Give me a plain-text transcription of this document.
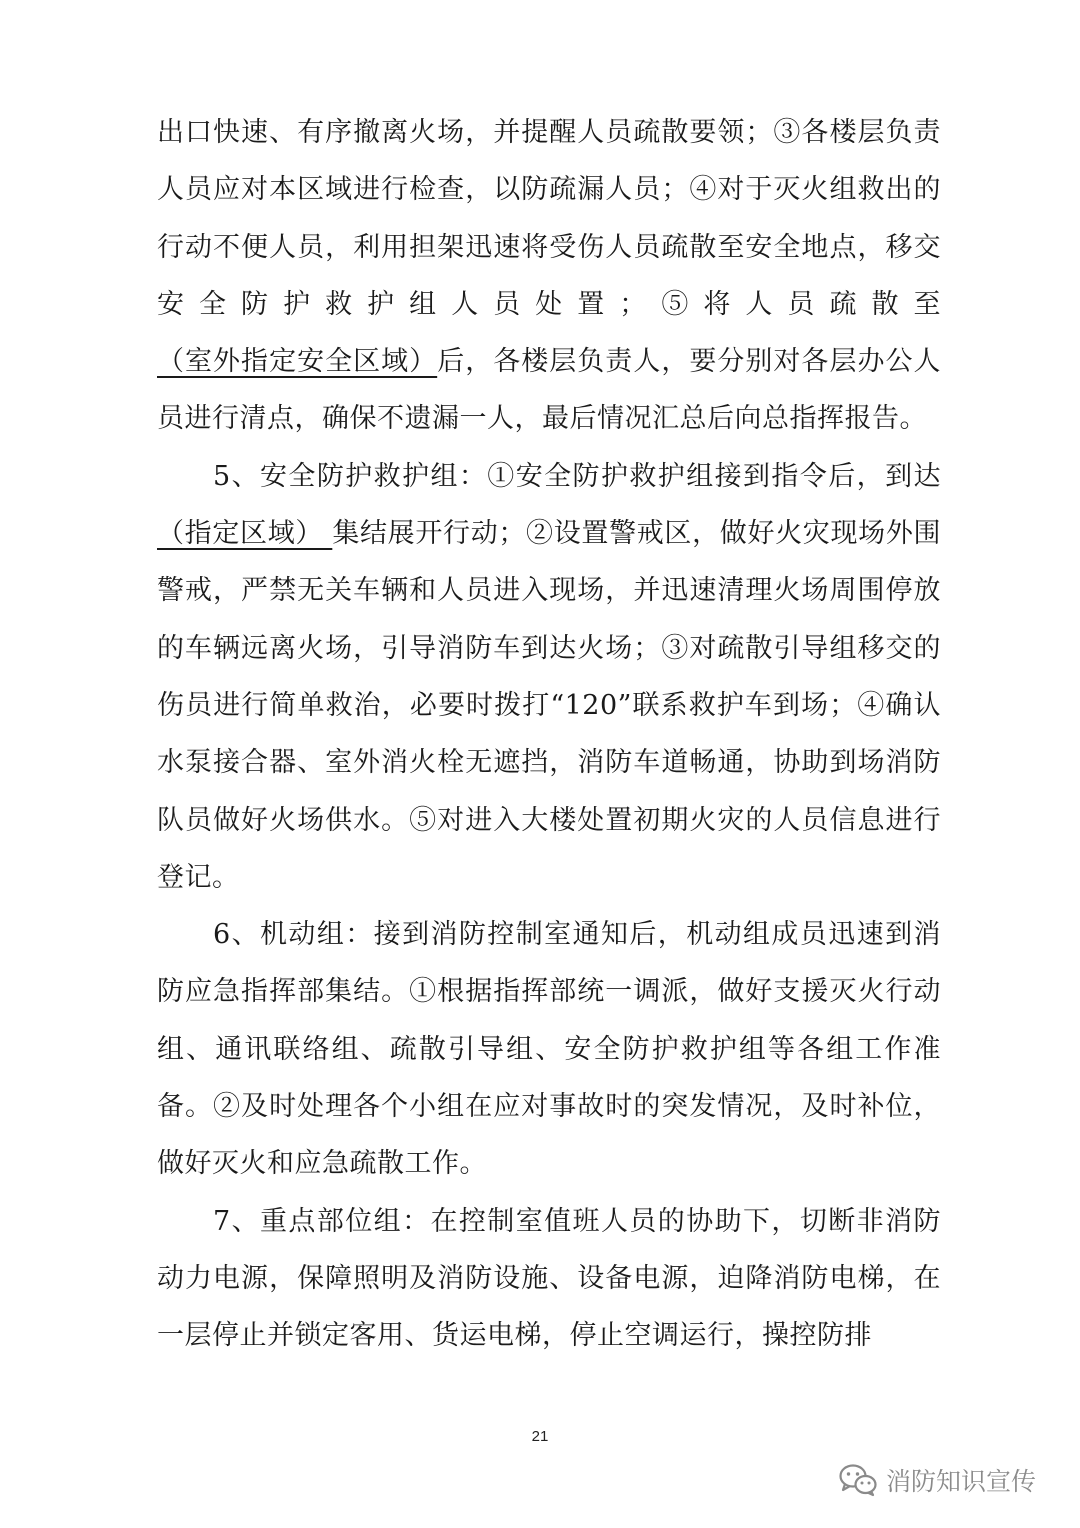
出口快速、有序撤离火场，并提醒人员疏散要领；③各楼层负责人员应对本区域进行检查，以防疏漏人员；④对于灭火组救出的行动不便人员，利用担架迅速将受伤人员疏散至安全地点，移交安全防护救护组人员处置；⑤将人员疏散至（室外指定安全区域）后，各楼层负责人，要分别对各层办公人员进行清点，确保不遗漏一人，最后情况汇总后向总指挥报告。

5、安全防护救护组：①安全防护救护组接到指令后，到达（指定区域） 集结展开行动；②设置警戒区，做好火灾现场外围警戒，严禁无关车辆和人员进入现场，并迅速清理火场周围停放的车辆远离火场，引导消防车到达火场；③对疏散引导组移交的伤员进行简单救治，必要时拨打“120”联系救护车到场；④确认水泵接合器、室外消火栓无遮挡，消防车道畅通，协助到场消防队员做好火场供水。⑤对进入大楼处置初期火灾的人员信息进行登记。

6、机动组：接到消防控制室通知后，机动组成员迅速到消防应急指挥部集结。①根据指挥部统一调派，做好支援灭火行动组、通讯联络组、疏散引导组、安全防护救护组等各组工作准备。②及时处理各个小组在应对事故时的突发情况，及时补位，做好灭火和应急疏散工作。

7、重点部位组：在控制室值班人员的协助下，切断非消防动力电源，保障照明及消防设施、设备电源，迫降消防电梯，在一层停止并锁定客用、货运电梯，停止空调运行，操控防排

21
消防知识宣传
